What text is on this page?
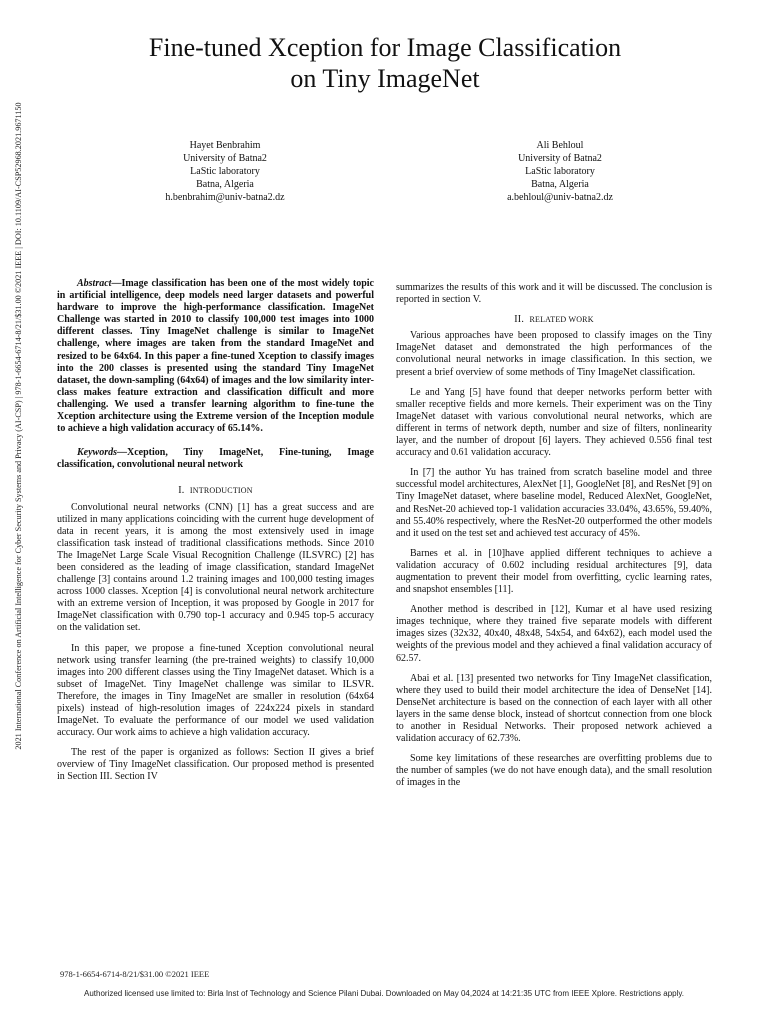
2021 International Conference on Artificial Intelligence for Cyber Security Systems and Privacy (AI-CSP) | 978-1-6654-6714-8/21/$31.00 ©2021 IEEE | DOI: 10.1109/AI-CSP52968.2021.9671150
Fine-tuned Xception for Image Classification
on Tiny ImageNet
Hayet Benbrahim
University of Batna2
LaStic laboratory
Batna, Algeria
h.benbrahim@univ-batna2.dz
Ali Behloul
University of Batna2
LaStic laboratory
Batna, Algeria
a.behloul@univ-batna2.dz

Abstract—Image classification has been one of the most widely topic in artificial intelligence, deep models need larger datasets and powerful hardware to improve the high-performance classification. ImageNet Challenge was started in 2010 to classify 100,000 test images into 1000 different classes. Tiny ImageNet challenge is similar to ImageNet challenge, where images are taken from the standard ImageNet and resized to be 64x64. In this paper a fine-tuned Xception to classify images into the 200 classes is presented using the standard Tiny ImageNet dataset, the down-sampling (64x64) of images and the low similarity inter-class makes feature extraction and classification difficult and more challenging. We used a transfer learning algorithm to fine-tune the Xception architecture using the Extreme version of the Inception module to achieve a high validation accuracy of 65.14%.

Keywords—Xception, Tiny ImageNet, Fine-tuning, Image classification, convolutional neural network

I. INTRODUCTION

Convolutional neural networks (CNN) [1] has a great success and are utilized in many applications coinciding with the current huge development of data in recent years, it is among the most extensively used in image classification task instead of traditional classifications methods. Since 2010 The ImageNet Large Scale Visual Recognition Challenge (ILSVRC) [2] has been considered as the leading of image classification, standard ImageNet challenge [3] contains around 1.2 training images and 100,000 testing images across 1000 classes. Xception [4] is convolutional neural network architecture with an extreme version of Inception, it was proposed by Google in 2017 for ImageNet classification with 0.790 top-1 accuracy and 0.945 top-5 accuracy on the validation set.

In this paper, we propose a fine-tuned Xception convolutional neural network using transfer learning (the pre-trained weights) to classify 10,000 images into 200 different classes using the Tiny ImageNet dataset. Which is a subset of ImageNet. Tiny ImageNet challenge was similar to ILSVR. Therefore, the images in Tiny ImageNet are smaller in resolution (64x64 pixels) instead of high-resolution images of 224x224 pixels in standard ImageNet. To evaluate the performance of our model we used validation accuracy. Our work aims to achieve a high validation accuracy.

The rest of the paper is organized as follows: Section II gives a brief overview of Tiny ImageNet classification. Our proposed method is presented in Section III. Section IV

summarizes the results of this work and it will be discussed. The conclusion is reported in section V.

II. RELATED WORK

Various approaches have been proposed to classify images on the Tiny ImageNet dataset and demonstrated the high performances of the convolutional neural networks in image classification. In this section, we present a brief overview of some methods of Tiny ImageNet classification.

Le and Yang [5] have found that deeper networks perform better with smaller receptive fields and more kernels. Their experiment was on the Tiny ImageNet dataset with various convolutional neural networks, which are different in terms of network depth, number and size of filters, nonlinearity layer, and the number of dropout [6] layers. They achieved 0.556 final test accuracy and 0.61 validation accuracy.

In [7] the author Yu has trained from scratch baseline model and three successful model architectures, AlexNet [1], GoogleNet [8], and ResNet [9] on Tiny ImageNet dataset, where baseline model, Reduced AlexNet, GoogleNet, and ResNet-20 achieved top-1 validation accuracies 33.04%, 43.65%, 59.40%, and 55.40% respectively, where the ResNet-20 outperformed the other models and it used on the test set and achieved test accuracy of 45%.

Barnes et al. in [10]have applied different techniques to achieve a validation accuracy of 0.602 including residual architectures [9], data augmentation to prevent their model from overfitting, cyclic learning rates, and snapshot ensembles [11].

Another method is described in [12], Kumar et al have used resizing images technique, where they trained five separate models with different images sizes (32x32, 40x40, 48x48, 54x54, and 64x62), each model used the weights of the previous model and they achieved a final validation accuracy of 62.57.

Abai et al. [13] presented two networks for Tiny ImageNet classification, where they used to build their model architecture the idea of DenseNet [14]. DenseNet architecture is based on the connection of each layer with all other layers in the same dense block, instead of shortcut connection from one block to another in Residual Networks. Their proposed network achieved a validation accuracy of 62.73%.

Some key limitations of these researches are overfitting problems due to the number of samples (we do not have enough data), and the small resolution of images in the

978-1-6654-6714-8/21/$31.00 ©2021 IEEE
Authorized licensed use limited to: Birla Inst of Technology and Science Pilani Dubai. Downloaded on May 04,2024 at 14:21:35 UTC from IEEE Xplore. Restrictions apply.
